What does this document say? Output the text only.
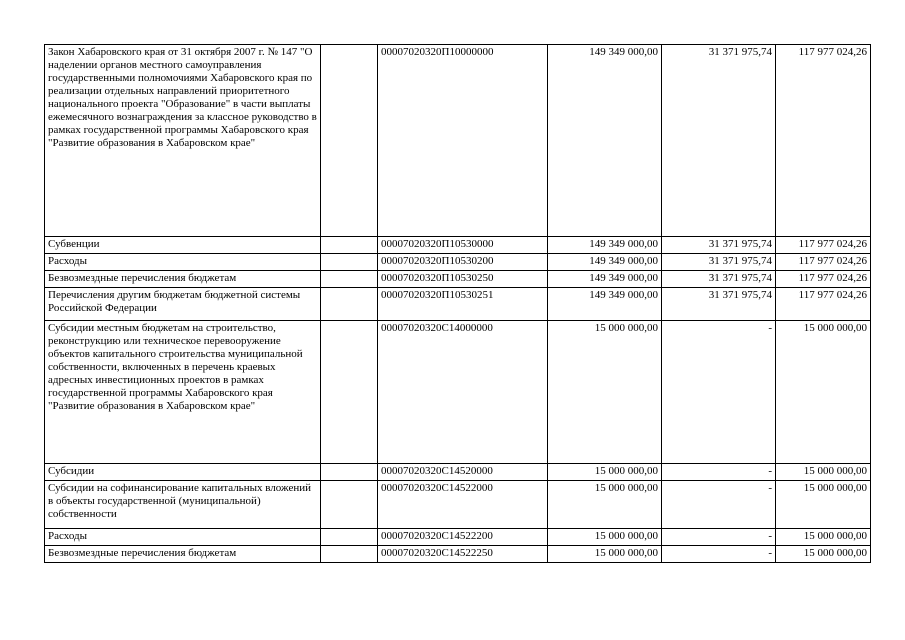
Закон Хабаровского края от 31 октября 2007 г. № 147 "О наделении органов местного самоуправления государственными полномочиями Хабаровского края по реализации отдельных направлений приоритетного национального проекта "Образование" в части выплаты ежемесячного вознаграждения за классное руководство в рамках государственной программы Хабаровского края "Развитие образования в Хабаровском крае"		00007020320П10000000	149 349 000,00	31 371 975,74	117 977 024,26
Субвенции		00007020320П10530000	149 349 000,00	31 371 975,74	117 977 024,26
Расходы		00007020320П10530200	149 349 000,00	31 371 975,74	117 977 024,26
Безвозмездные перечисления бюджетам		00007020320П10530250	149 349 000,00	31 371 975,74	117 977 024,26
Перечисления другим бюджетам бюджетной системы Российской Федерации		00007020320П10530251	149 349 000,00	31 371 975,74	117 977 024,26
Субсидии местным бюджетам на строительство, реконструкцию или техническое перевооружение объектов капитального строительства муниципальной собственности, включенных в перечень краевых адресных инвестиционных проектов в рамках государственной программы Хабаровского края "Развитие образования в Хабаровском крае"		00007020320С14000000	15 000 000,00	-	15 000 000,00
Субсидии		00007020320С14520000	15 000 000,00	-	15 000 000,00
Субсидии на софинансирование капитальных вложений в объекты государственной (муниципальной) собственности		00007020320С14522000	15 000 000,00	-	15 000 000,00
Расходы		00007020320С14522200	15 000 000,00	-	15 000 000,00
Безвозмездные перечисления бюджетам		00007020320С14522250	15 000 000,00	-	15 000 000,00
